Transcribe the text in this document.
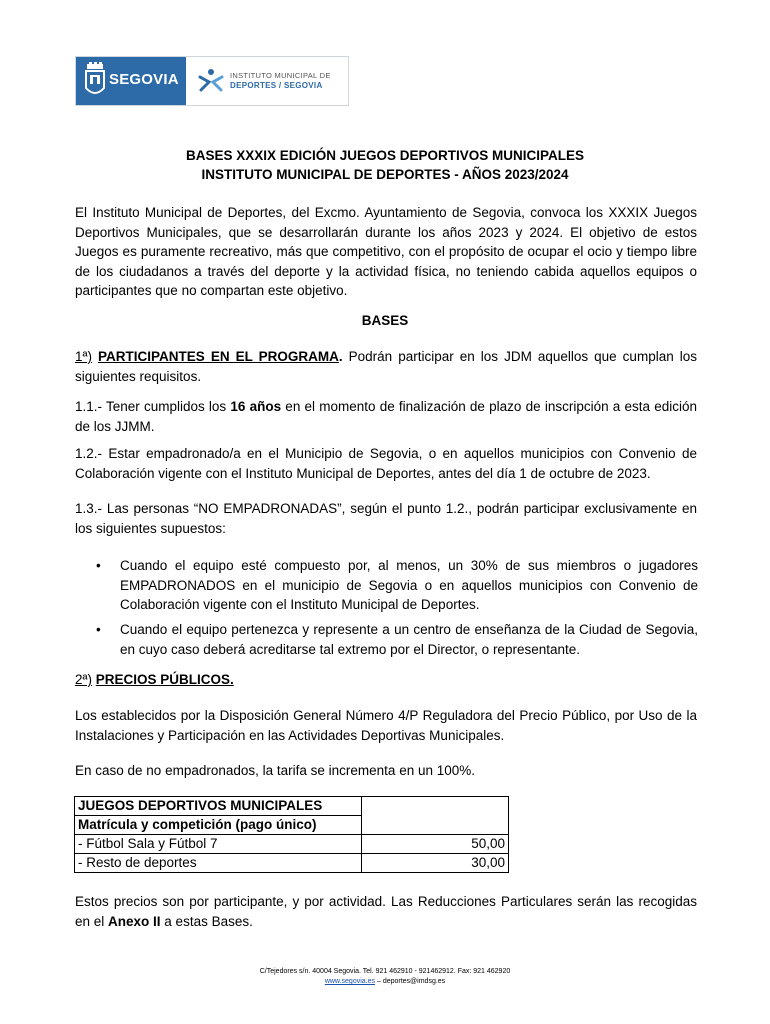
SEGOVIA	INSTITUTO MUNICIPAL DE
DEPORTES / SEGOVIA
BASES XXXIX EDICIÓN JUEGOS DEPORTIVOS MUNICIPALES
INSTITUTO MUNICIPAL DE DEPORTES - AÑOS 2023/2024
El Instituto Municipal de Deportes, del Excmo. Ayuntamiento de Segovia, convoca los XXXIX Juegos Deportivos Municipales, que se desarrollarán durante los años 2023 y 2024. El objetivo de estos Juegos es puramente recreativo, más que competitivo, con el propósito de ocupar el ocio y tiempo libre de los ciudadanos a través del deporte y la actividad física, no teniendo cabida aquellos equipos o participantes que no compartan este objetivo.
BASES
1ª) PARTICIPANTES EN EL PROGRAMA. Podrán participar en los JDM aquellos que cumplan los siguientes requisitos.
1.1.- Tener cumplidos los 16 años en el momento de finalización de plazo de inscripción a esta edición de los JJMM.
1.2.- Estar empadronado/a en el Municipio de Segovia, o en aquellos municipios con Convenio de Colaboración vigente con el Instituto Municipal de Deportes, antes del día 1 de octubre de 2023.
1.3.- Las personas “NO EMPADRONADAS”, según el punto 1.2., podrán participar exclusivamente en los siguientes supuestos:
• Cuando el equipo esté compuesto por, al menos, un 30% de sus miembros o jugadores EMPADRONADOS en el municipio de Segovia o en aquellos municipios con Convenio de Colaboración vigente con el Instituto Municipal de Deportes.
• Cuando el equipo pertenezca y represente a un centro de enseñanza de la Ciudad de Segovia, en cuyo caso deberá acreditarse tal extremo por el Director, o representante.
2ª) PRECIOS PÚBLICOS.
Los establecidos por la Disposición General Número 4/P Reguladora del Precio Público, por Uso de la Instalaciones y Participación en las Actividades Deportivas Municipales.
En caso de no empadronados, la tarifa se incrementa en un 100%.
JUEGOS DEPORTIVOS MUNICIPALES	
Matrícula y competición (pago único)	
- Fútbol Sala y Fútbol 7	50,00
- Resto de deportes	30,00
Estos precios son por participante, y por actividad. Las Reducciones Particulares serán las recogidas en el Anexo II a estas Bases.
C/Tejedores s/n. 40004 Segovia. Tel. 921 462910 - 921462912. Fax: 921 462920
www.segovia.es – deportes@imdsg.es
